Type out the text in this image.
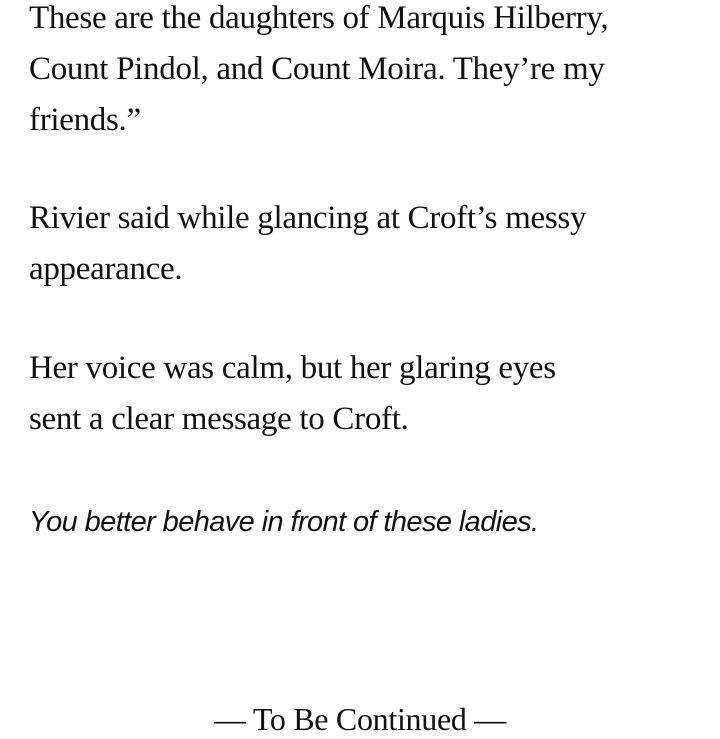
These are the daughters of Marquis Hilberry,
Count Pindol, and Count Moira. They’re my
friends.”

Rivier said while glancing at Croft’s messy
appearance.

Her voice was calm, but her glaring eyes
sent a clear message to Croft.

You better behave in front of these ladies.

— To Be Continued —
